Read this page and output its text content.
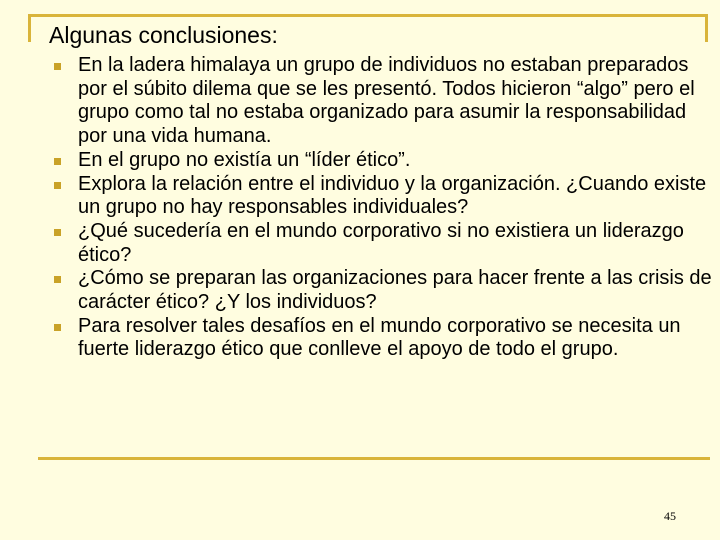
Algunas conclusiones:
En la ladera himalaya un grupo de individuos no estaban preparados por el súbito dilema que se les presentó. Todos hicieron “algo” pero el grupo como tal no estaba organizado para asumir la responsabilidad por una vida humana.
En el grupo no existía un “líder ético”.
Explora la relación entre el individuo y la organización. ¿Cuando existe un grupo no hay responsables individuales?
¿Qué sucedería en el mundo corporativo si no existiera un liderazgo ético?
¿Cómo se preparan las organizaciones para hacer frente a las crisis de carácter ético? ¿Y los individuos?
Para resolver tales desafíos en el mundo corporativo se necesita un fuerte liderazgo ético que conlleve el apoyo de todo el grupo.
45
